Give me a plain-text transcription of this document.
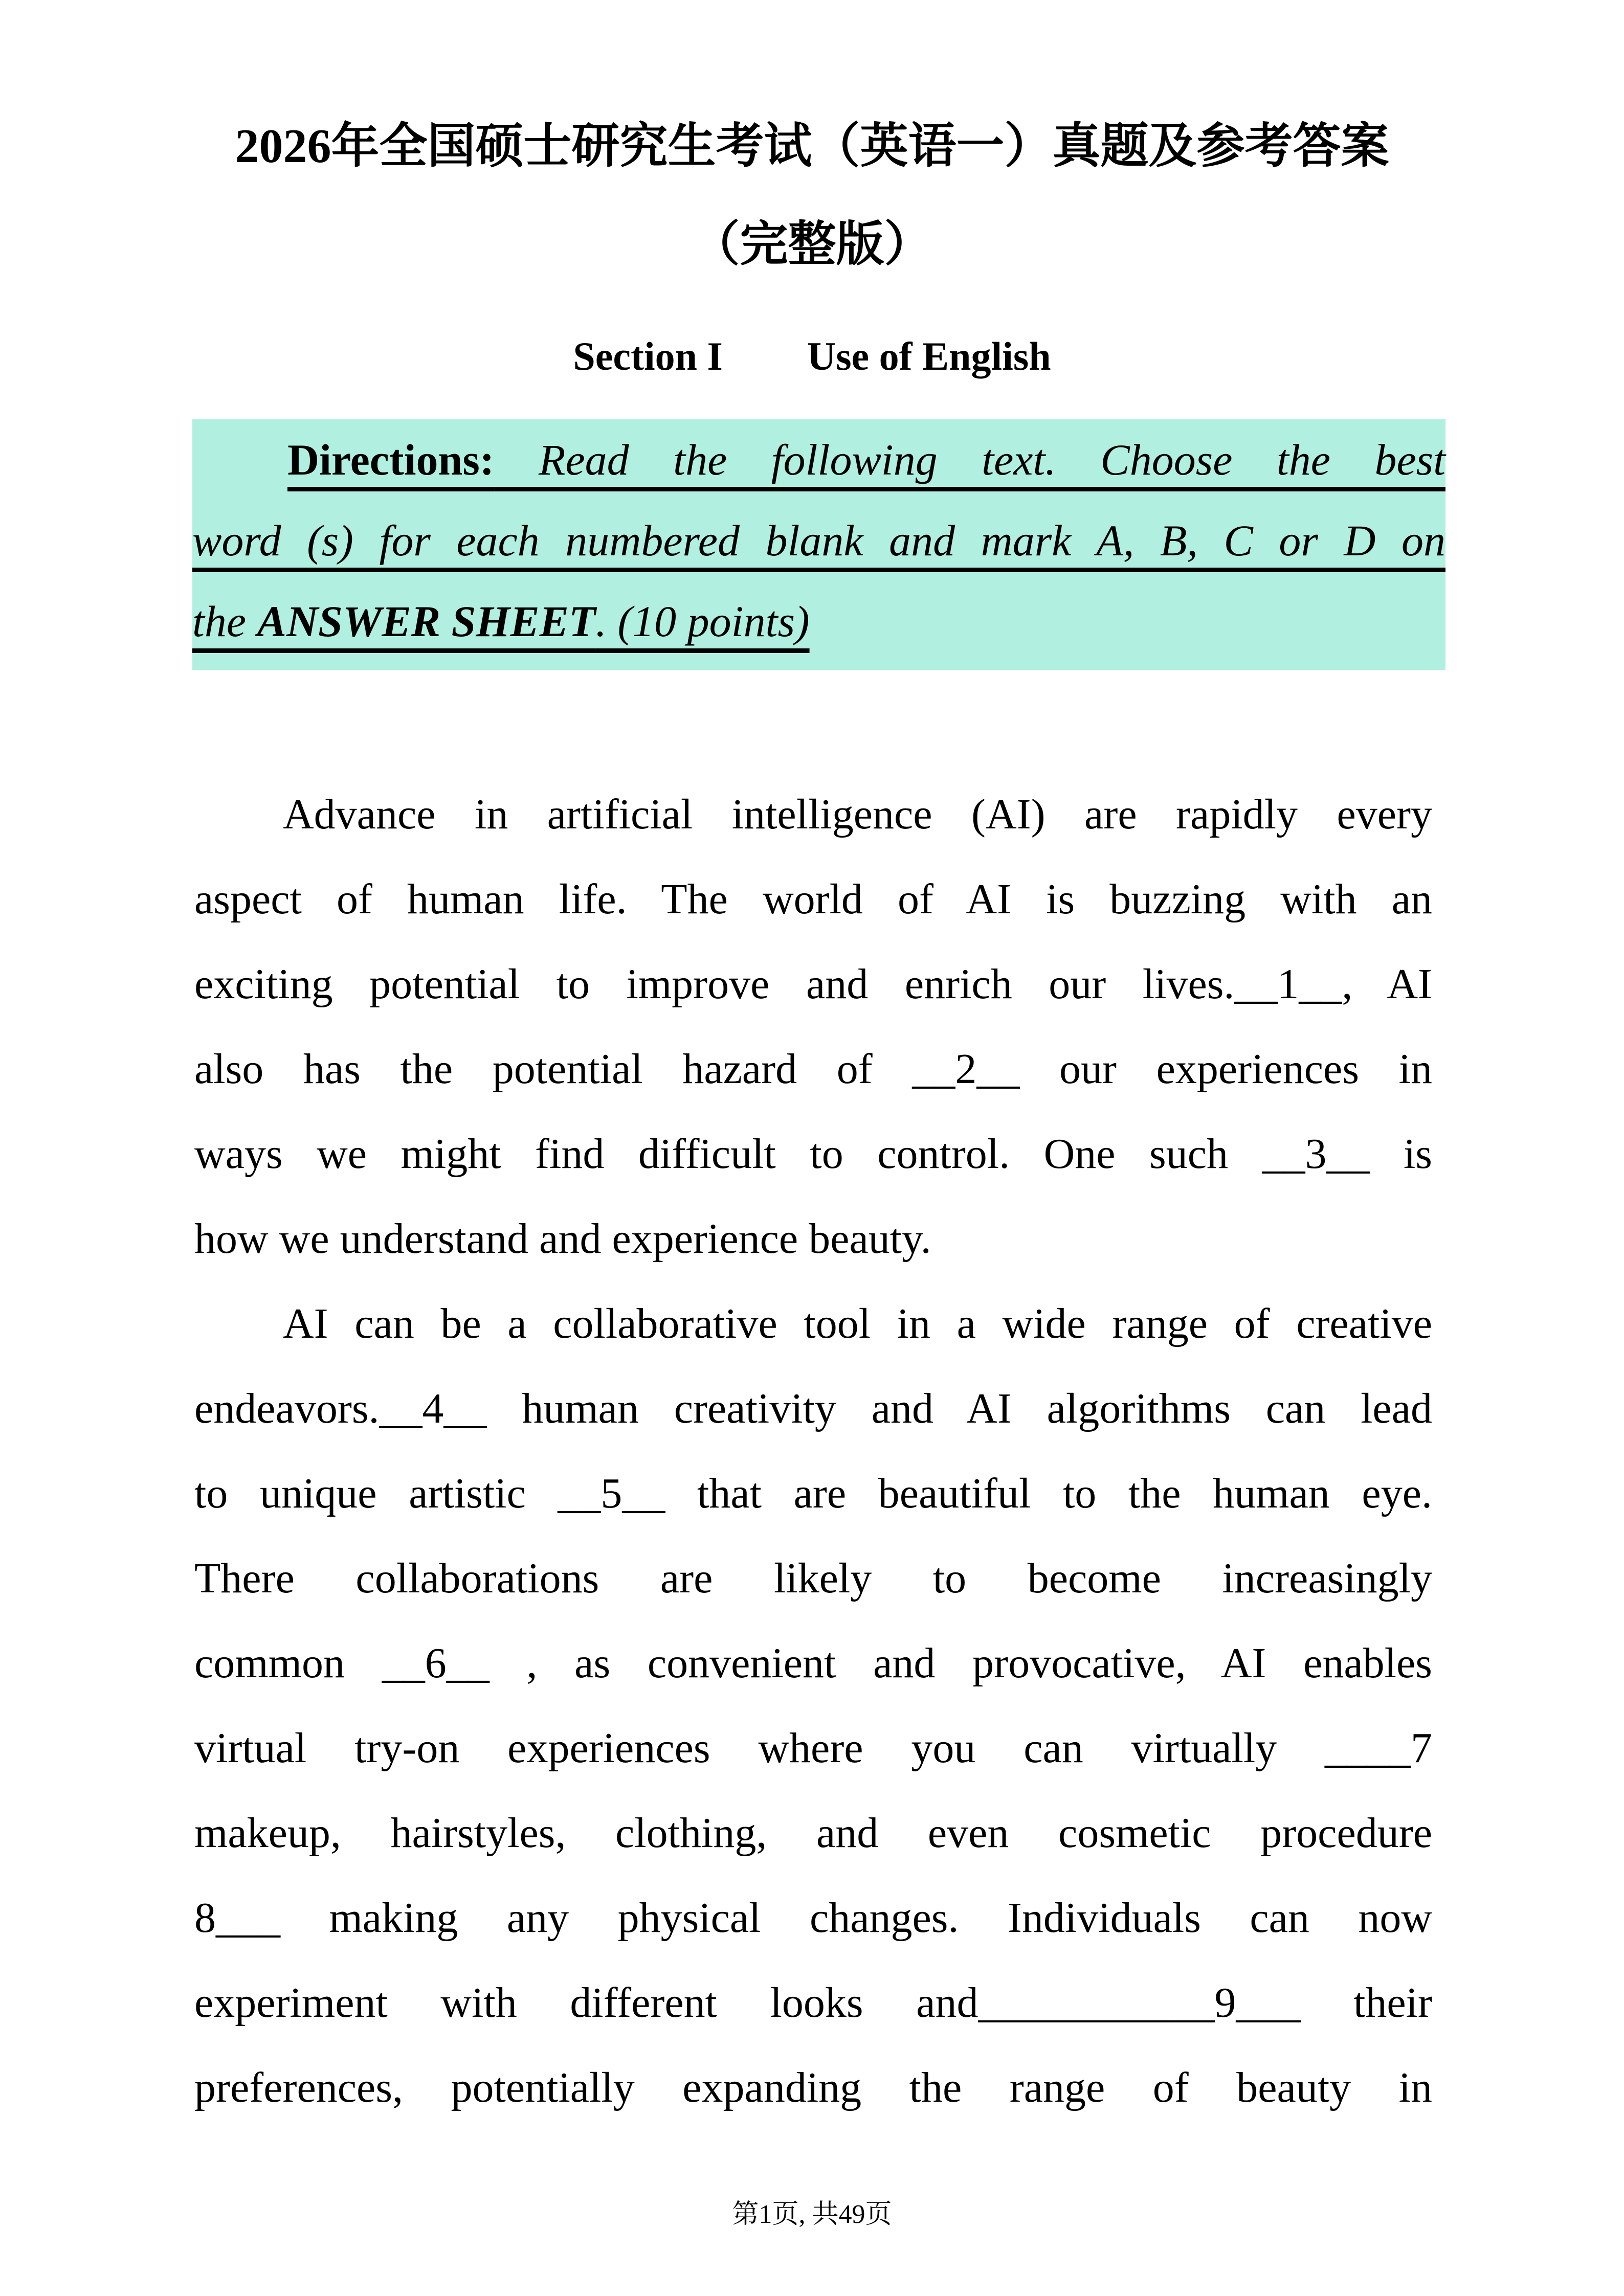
2026年全国硕士研究生考试（英语一）真题及参考答案
（完整版）
Section I Use of English

Directions: Read the following text. Choose the best

word (s) for each numbered blank and mark A, B, C or D on

the ANSWER SHEET. (10 points)

Advance in artificial intelligence (AI) are rapidly every

aspect of human life. The world of AI is buzzing with an

exciting potential to improve and enrich our lives.__1__, AI

also has the potential hazard of __2__ our experiences in

ways we might find difficult to control. One such __3__ is

how we understand and experience beauty.

AI can be a collaborative tool in a wide range of creative

endeavors.__4__ human creativity and AI algorithms can lead

to unique artistic __5__ that are beautiful to the human eye.

There collaborations are likely to become increasingly

common __6__ , as convenient and provocative, AI enables

virtual try-on experiences where you can virtually ____7

makeup, hairstyles, clothing, and even cosmetic procedure

8___ making any physical changes. Individuals can now

experiment with different looks and___________9___ their

preferences, potentially expanding the range of beauty in

第1页, 共49页
